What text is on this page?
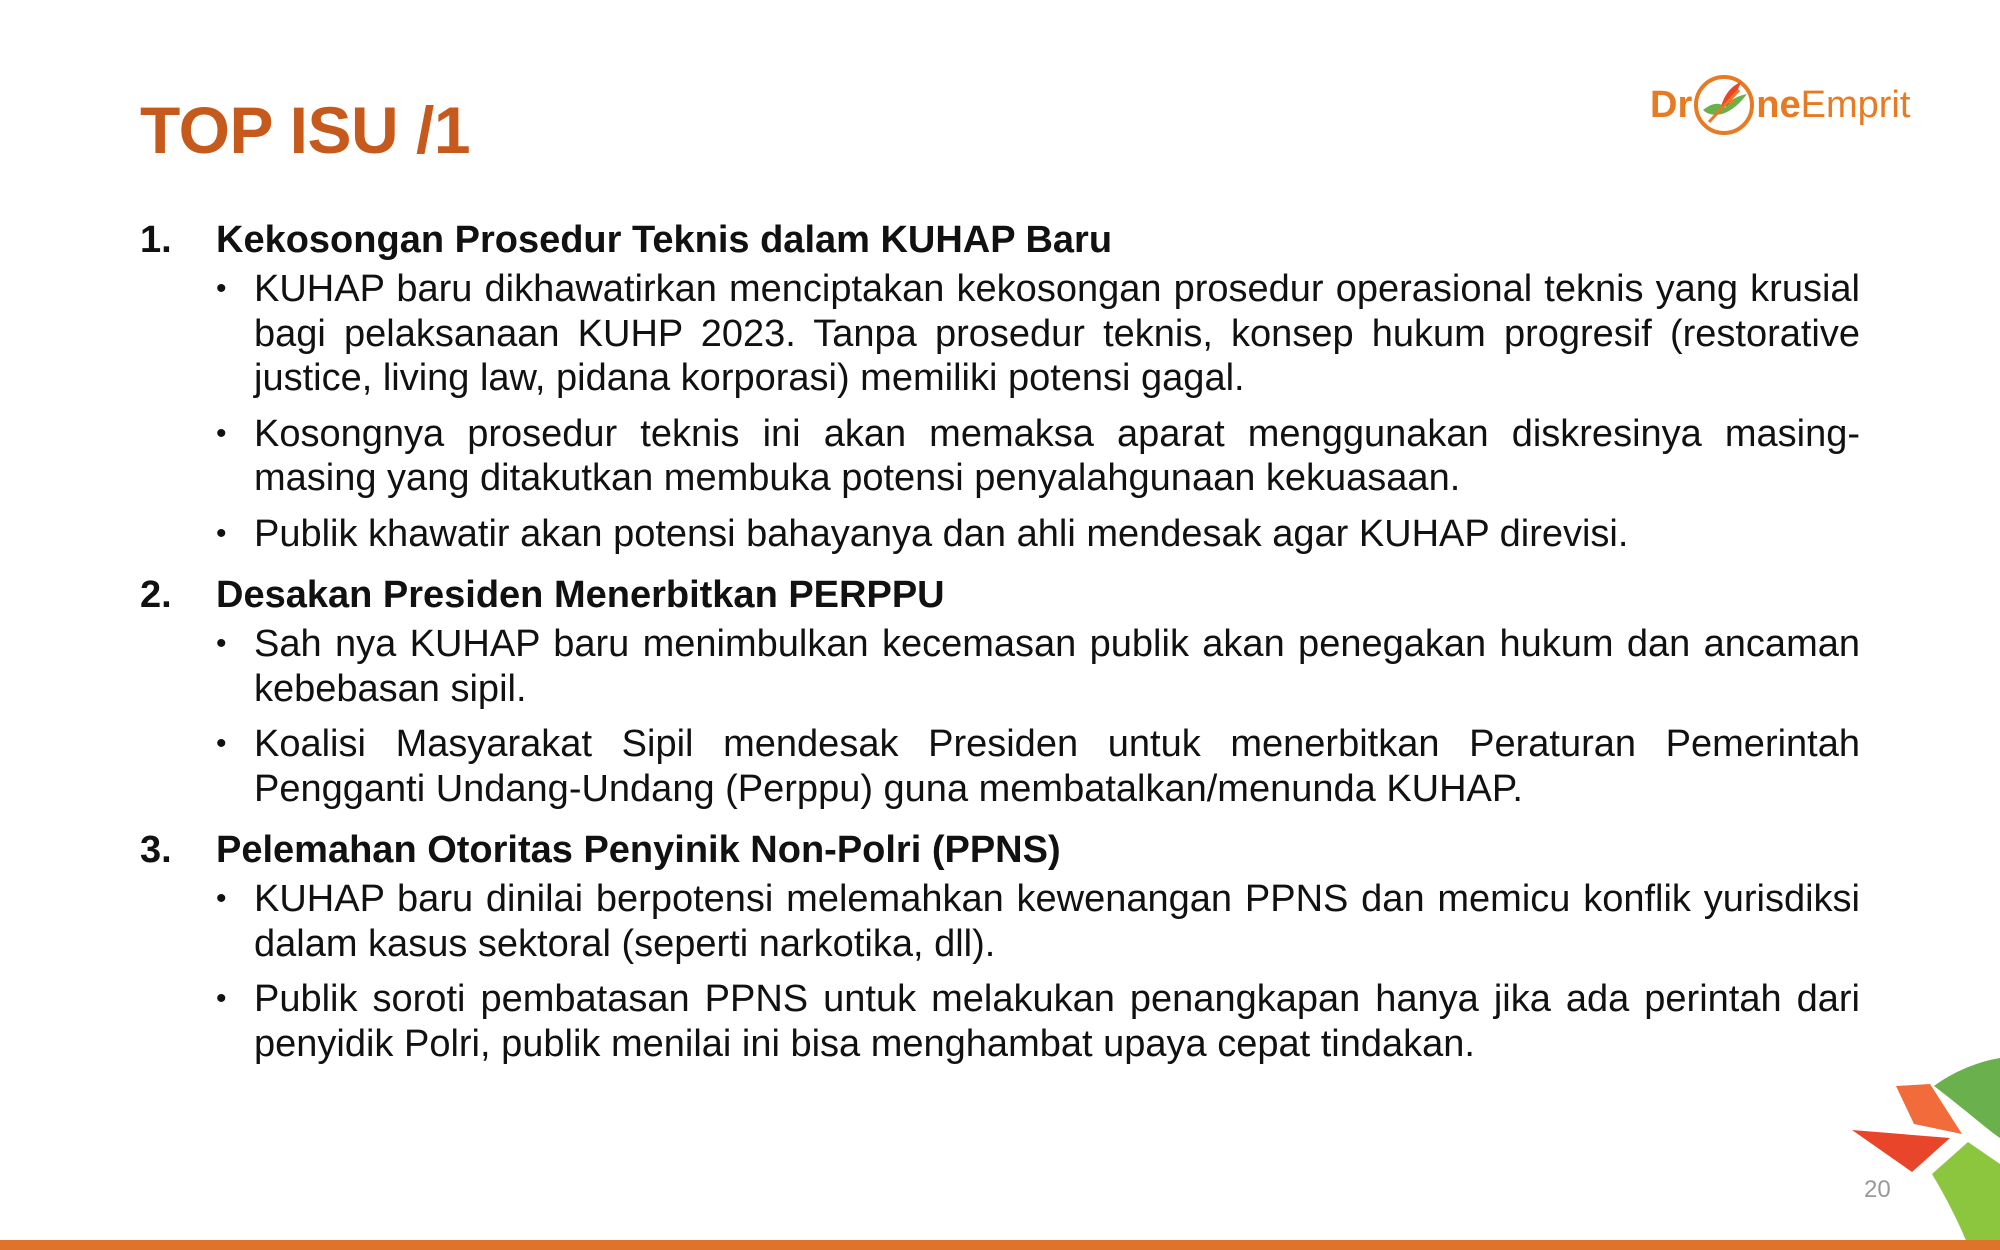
TOP ISU /1	Dr ne Emprit
1.	Kekosongan Prosedur Teknis dalam KUHAP Baru
• KUHAP baru dikhawatirkan menciptakan kekosongan prosedur operasional teknis yang krusial bagi pelaksanaan KUHP 2023. Tanpa prosedur teknis, konsep hukum progresif (restorative justice, living law, pidana korporasi) memiliki potensi gagal.
• Kosongnya prosedur teknis ini akan memaksa aparat menggunakan diskresinya masing-masing yang ditakutkan membuka potensi penyalahgunaan kekuasaan.
• Publik khawatir akan potensi bahayanya dan ahli mendesak agar KUHAP direvisi.
2.	Desakan Presiden Menerbitkan PERPPU
• Sah nya KUHAP baru menimbulkan kecemasan publik akan penegakan hukum dan ancaman kebebasan sipil.
• Koalisi Masyarakat Sipil mendesak Presiden untuk menerbitkan Peraturan Pemerintah Pengganti Undang-Undang (Perppu) guna membatalkan/menunda KUHAP.
3.	Pelemahan Otoritas Penyinik Non-Polri (PPNS)
• KUHAP baru dinilai berpotensi melemahkan kewenangan PPNS dan memicu konflik yurisdiksi dalam kasus sektoral (seperti narkotika, dll).
• Publik soroti pembatasan PPNS untuk melakukan penangkapan hanya jika ada perintah dari penyidik Polri, publik menilai ini bisa menghambat upaya cepat tindakan.
20
